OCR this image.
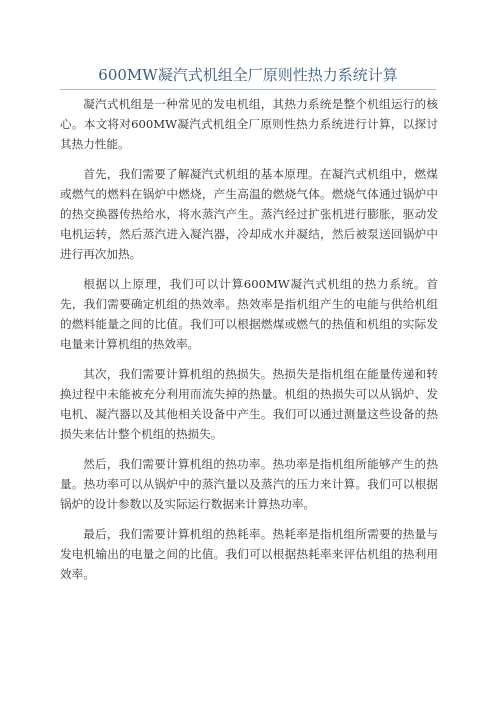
600MW凝汽式机组全厂原则性热力系统计算

凝汽式机组是一种常见的发电机组，其热力系统是整个机组运行的核心。本文将对600MW凝汽式机组全厂原则性热力系统进行计算，以探讨其热力性能。

首先，我们需要了解凝汽式机组的基本原理。在凝汽式机组中，燃煤或燃气的燃料在锅炉中燃烧，产生高温的燃烧气体。燃烧气体通过锅炉中的热交换器传热给水，将水蒸汽产生。蒸汽经过扩张机进行膨胀，驱动发电机运转，然后蒸汽进入凝汽器，冷却成水并凝结，然后被泵送回锅炉中进行再次加热。

根据以上原理，我们可以计算600MW凝汽式机组的热力系统。首先，我们需要确定机组的热效率。热效率是指机组产生的电能与供给机组的燃料能量之间的比值。我们可以根据燃煤或燃气的热值和机组的实际发电量来计算机组的热效率。

其次，我们需要计算机组的热损失。热损失是指机组在能量传递和转换过程中未能被充分利用而流失掉的热量。机组的热损失可以从锅炉、发电机、凝汽器以及其他相关设备中产生。我们可以通过测量这些设备的热损失来估计整个机组的热损失。

然后，我们需要计算机组的热功率。热功率是指机组所能够产生的热量。热功率可以从锅炉中的蒸汽量以及蒸汽的压力来计算。我们可以根据锅炉的设计参数以及实际运行数据来计算热功率。

最后，我们需要计算机组的热耗率。热耗率是指机组所需要的热量与发电机输出的电量之间的比值。我们可以根据热耗率来评估机组的热利用效率。
